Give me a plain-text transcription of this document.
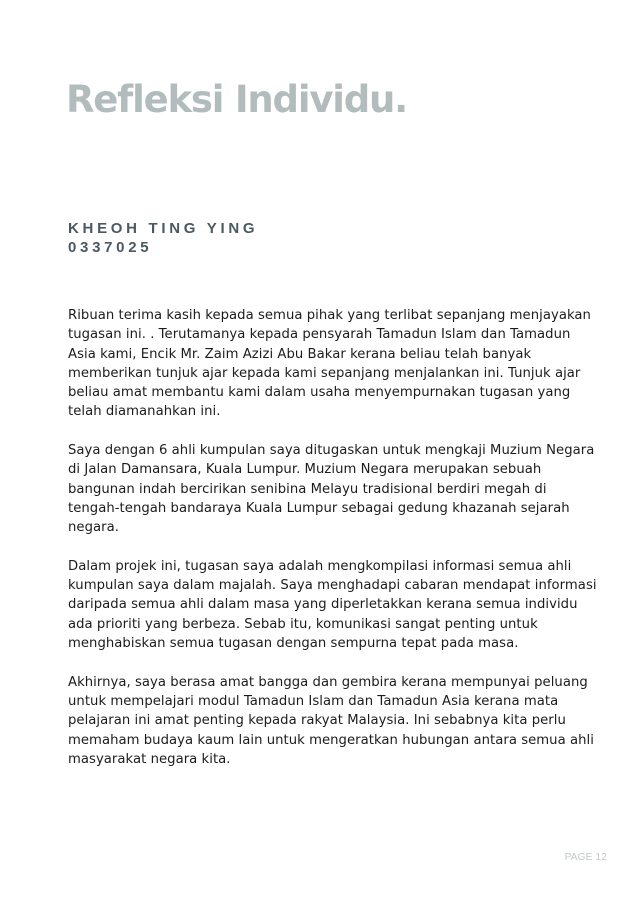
Refleksi Individu.
KHEOH TING YING
0337025

Ribuan terima kasih kepada semua pihak yang terlibat sepanjang menjayakan tugasan ini. . Terutamanya kepada pensyarah Tamadun Islam dan Tamadun Asia kami, Encik Mr. Zaim Azizi Abu Bakar kerana beliau telah banyak memberikan tunjuk ajar kepada kami sepanjang menjalankan ini. Tunjuk ajar beliau amat membantu kami dalam usaha menyempurnakan tugasan yang telah diamanahkan ini.

Saya dengan 6 ahli kumpulan saya ditugaskan untuk mengkaji Muzium Negara di Jalan Damansara, Kuala Lumpur. Muzium Negara merupakan sebuah bangunan indah bercirikan senibina Melayu tradisional berdiri megah di tengah-tengah bandaraya Kuala Lumpur sebagai gedung khazanah sejarah negara.

Dalam projek ini, tugasan saya adalah mengkompilasi informasi semua ahli kumpulan saya dalam majalah. Saya menghadapi cabaran mendapat informasi daripada semua ahli dalam masa yang diperletakkan kerana semua individu ada prioriti yang berbeza. Sebab itu, komunikasi sangat penting untuk menghabiskan semua tugasan dengan sempurna tepat pada masa.

Akhirnya, saya berasa amat bangga dan gembira kerana mempunyai peluang untuk mempelajari modul Tamadun Islam dan Tamadun Asia kerana mata pelajaran ini amat penting kepada rakyat Malaysia. Ini sebabnya kita perlu memaham budaya kaum lain untuk mengeratkan hubungan antara semua ahli masyarakat negara kita.

PAGE 12
